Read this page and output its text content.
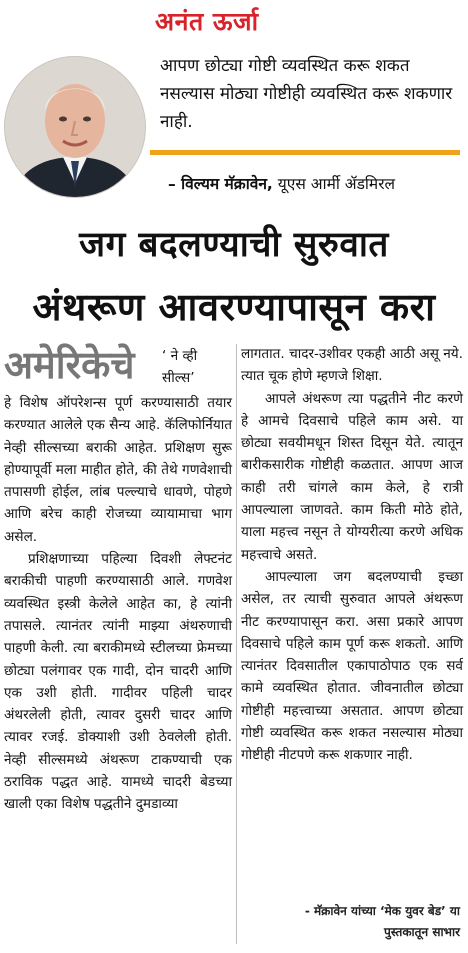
अनंत ऊर्जा
आपण छोट्या गोष्टी व्यवस्थित करू शकत नसल्यास मोठ्या गोष्टीही व्यवस्थित करू शकणार नाही.
– विल्यम मॅक्रावेन, यूएस आर्मी ॲडमिरल
जग बदलण्याची सुरुवात
अंथरूण आवरण्यापासून करा
अमेरिकेचे ‘ ने व्ही सील्स’

हे विशेष ऑपरेशन्स पूर्ण करण्यासाठी तयार करण्यात आलेले एक सैन्य आहे. कॅलिफोर्नियात नेव्ही सील्सच्या बराकी आहेत. प्रशिक्षण सुरू होण्यापूर्वी मला माहीत होते, की तेथे गणवेशाची तपासणी होईल, लांब पल्ल्याचे धावणे, पोहणे आणि बरेच काही रोजच्या व्यायामाचा भाग असेल.

प्रशिक्षणाच्या पहिल्या दिवशी लेफ्टनंट बराकीची पाहणी करण्यासाठी आले. गणवेश व्यवस्थित इस्त्री केलेले आहेत का, हे त्यांनी तपासले. त्यानंतर त्यांनी माझ्या अंथरुणाची पाहणी केली. त्या बराकीमध्ये स्टीलच्या फ्रेमच्या छोट्या पलंगावर एक गादी, दोन चादरी आणि एक उशी होती. गादीवर पहिली चादर अंथरलेली होती, त्यावर दुसरी चादर आणि त्यावर रजई. डोक्याशी उशी ठेवलेली होती. नेव्ही सील्समध्ये अंथरूण टाकण्याची एक ठराविक पद्धत आहे. यामध्ये चादरी बेडच्या खाली एका विशेष पद्धतीने दुमडाव्या

लागतात. चादर-उशीवर एकही आठी असू नये. त्यात चूक होणे म्हणजे शिक्षा.

आपले अंथरूण त्या पद्धतीने नीट करणे हे आमचे दिवसाचे पहिले काम असे. या छोट्या सवयीमधून शिस्त दिसून येते. त्यातून बारीकसारीक गोष्टीही कळतात. आपण आज काही तरी चांगले काम केले, हे रात्री आपल्याला जाणवते. काम किती मोठे होते, याला महत्त्व नसून ते योग्यरीत्या करणे अधिक महत्त्वाचे असते.

आपल्याला जग बदलण्याची इच्छा असेल, तर त्याची सुरुवात आपले अंथरूण नीट करण्यापासून करा. असा प्रकारे आपण दिवसाचे पहिले काम पूर्ण करू शकतो. आणि त्यानंतर दिवसातील एकापाठोपाठ एक सर्व कामे व्यवस्थित होतात. जीवनातील छोट्या गोष्टीही महत्त्वाच्या असतात. आपण छोट्या गोष्टी व्यवस्थित करू शकत नसल्यास मोठ्या गोष्टीही नीटपणे करू शकणार नाही.

- मॅक्रावेन यांच्या ‘मेक युवर बेड’ या पुस्तकातून साभार
